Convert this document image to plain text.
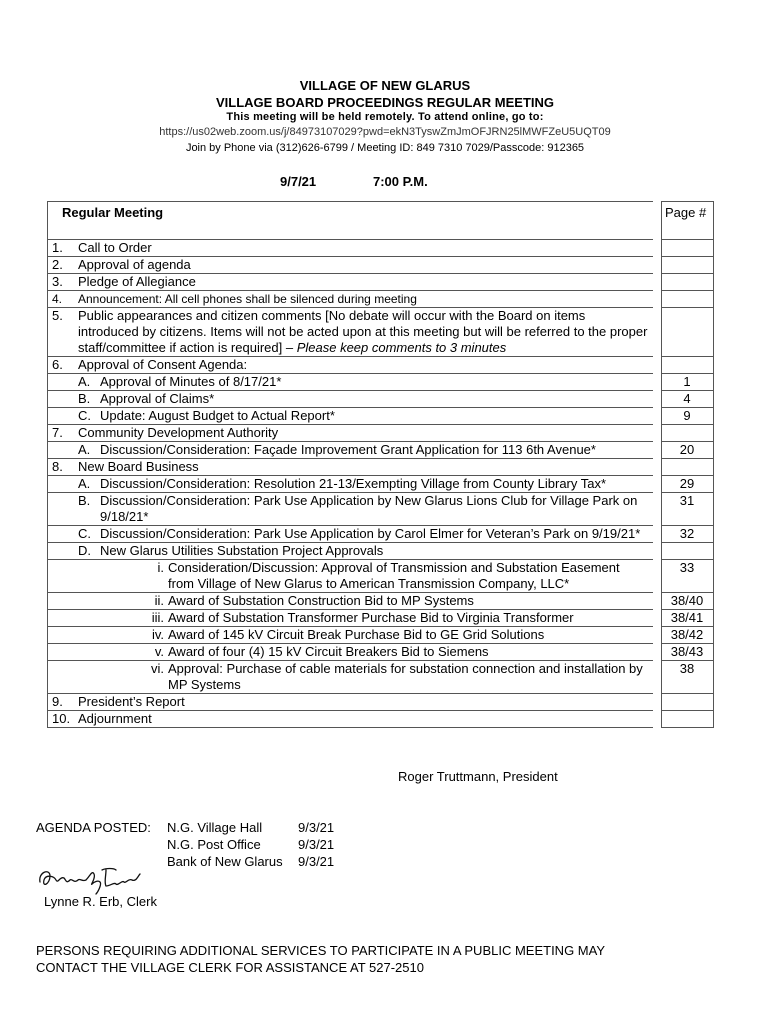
VILLAGE OF NEW GLARUS
VILLAGE BOARD PROCEEDINGS REGULAR MEETING
This meeting will be held remotely. To attend online, go to:
https://us02web.zoom.us/j/84973107029?pwd=ekN3TyswZmJmOFJRN25lMWFZeU5UQT09
Join by Phone via (312)626-6799 / Meeting ID: 849 7310 7029/Passcode: 912365
9/7/21	7:00 P.M.
Regular Meeting	Page #

1. Call to Order	

2. Approval of agenda	

3. Pledge of Allegiance	

4. Announcement: All cell phones shall be silenced during meeting	

5. Public appearances and citizen comments [No debate will occur with the Board on items introduced by citizens. Items will not be acted upon at this meeting but will be referred to the proper staff/committee if action is required] – Please keep comments to 3 minutes	

6. Approval of Consent Agenda:	

A. Approval of Minutes of 8/17/21*	1

B. Approval of Claims*	4

C. Update: August Budget to Actual Report*	9

7. Community Development Authority	

A. Discussion/Consideration: Façade Improvement Grant Application for 113 6th Avenue*	20

8. New Board Business	

A. Discussion/Consideration: Resolution 21-13/Exempting Village from County Library Tax*	29

B. Discussion/Consideration: Park Use Application by New Glarus Lions Club for Village Park on 9/18/21*	31

C. Discussion/Consideration: Park Use Application by Carol Elmer for Veteran’s Park on 9/19/21*	32

D. New Glarus Utilities Substation Project Approvals	

i. Consideration/Discussion: Approval of Transmission and Substation Easement from Village of New Glarus to American Transmission Company, LLC*	33

ii. Award of Substation Construction Bid to MP Systems	38/40

iii. Award of Substation Transformer Purchase Bid to Virginia Transformer	38/41

iv. Award of 145 kV Circuit Break Purchase Bid to GE Grid Solutions	38/42

v. Award of four (4) 15 kV Circuit Breakers Bid to Siemens	38/43

vi. Approval: Purchase of cable materials for substation connection and installation by MP Systems	38

9. President’s Report	

10. Adjournment	

Roger Truttmann, President
AGENDA POSTED:	N.G. Village Hall	9/3/21
N.G. Post Office	9/3/21
Bank of New Glarus 9/3/21
Lynne R. Erb, Clerk
PERSONS REQUIRING ADDITIONAL SERVICES TO PARTICIPATE IN A PUBLIC MEETING MAY
CONTACT THE VILLAGE CLERK FOR ASSISTANCE AT 527-2510
